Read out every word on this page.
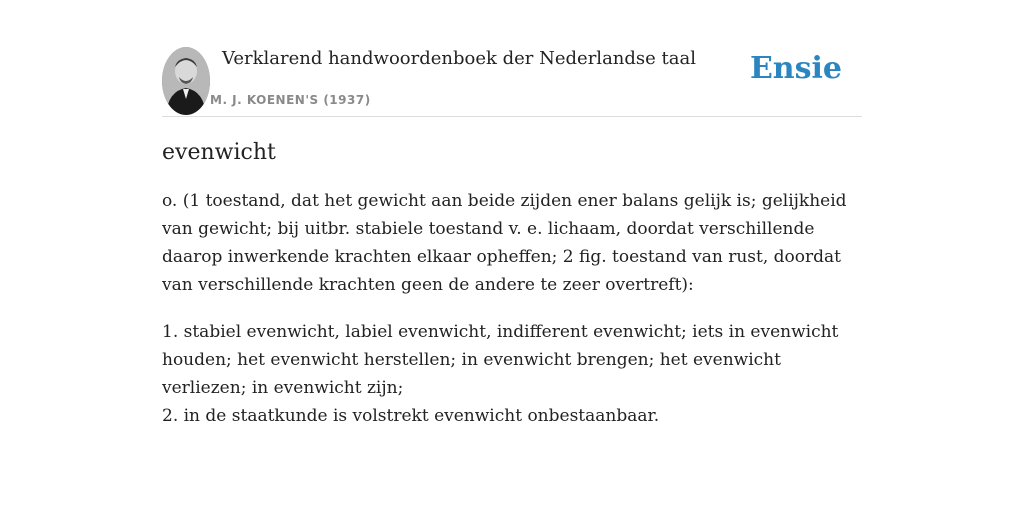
Verklarend handwoordenboek der Nederlandse taal
M. J. KOENEN'S (1937)
Ensie
evenwicht

o. (1 toestand, dat het gewicht aan beide zijden ener balans gelijk is; gelijkheid van gewicht; bij uitbr. stabiele toestand v. e. lichaam, doordat verschillende daarop inwerkende krachten elkaar opheffen; 2 fig. toestand van rust, doordat van verschillende krachten geen de andere te zeer overtreft):

1. stabiel evenwicht, labiel evenwicht, indifferent evenwicht; iets in evenwicht houden; het evenwicht herstellen; in evenwicht brengen; het evenwicht verliezen; in evenwicht zijn;

2. in de staatkunde is volstrekt evenwicht onbestaanbaar.
